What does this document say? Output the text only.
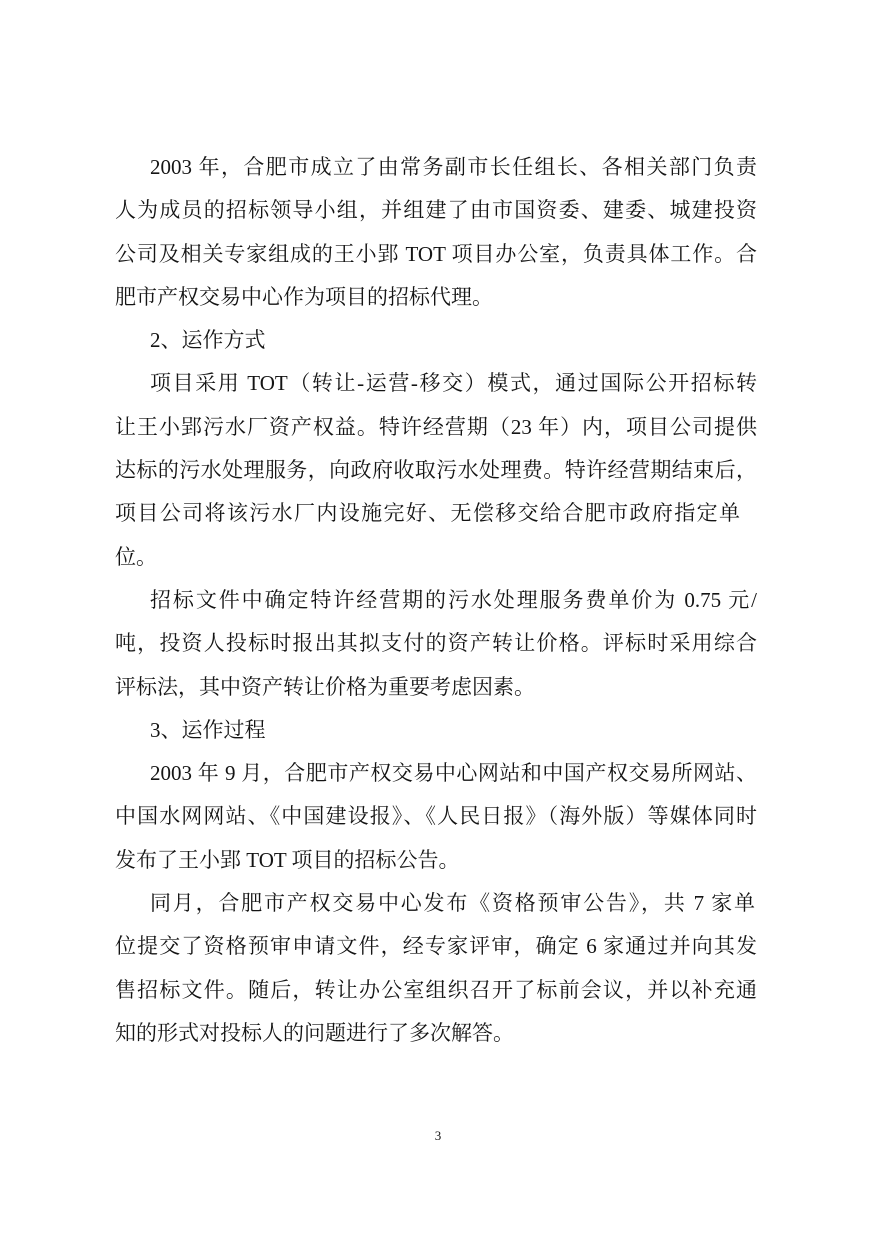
2003 年，合肥市成立了由常务副市长任组长、各相关部门负责
人为成员的招标领导小组，并组建了由市国资委、建委、城建投资
公司及相关专家组成的王小郢 TOT 项目办公室，负责具体工作。合
肥市产权交易中心作为项目的招标代理。
2、运作方式
项目采用 TOT（转让-运营-移交）模式，通过国际公开招标转
让王小郢污水厂资产权益。特许经营期（23 年）内，项目公司提供
达标的污水处理服务，向政府收取污水处理费。特许经营期结束后，
项目公司将该污水厂内设施完好、无偿移交给合肥市政府指定单
位。
招标文件中确定特许经营期的污水处理服务费单价为 0.75 元/
吨，投资人投标时报出其拟支付的资产转让价格。评标时采用综合
评标法，其中资产转让价格为重要考虑因素。
3、运作过程
2003 年 9 月，合肥市产权交易中心网站和中国产权交易所网站、
中国水网网站、《中国建设报》、《人民日报》（海外版）等媒体同时
发布了王小郢 TOT 项目的招标公告。
同月，合肥市产权交易中心发布《资格预审公告》，共 7 家单
位提交了资格预审申请文件，经专家评审，确定 6 家通过并向其发
售招标文件。随后，转让办公室组织召开了标前会议，并以补充通
知的形式对投标人的问题进行了多次解答。
3
